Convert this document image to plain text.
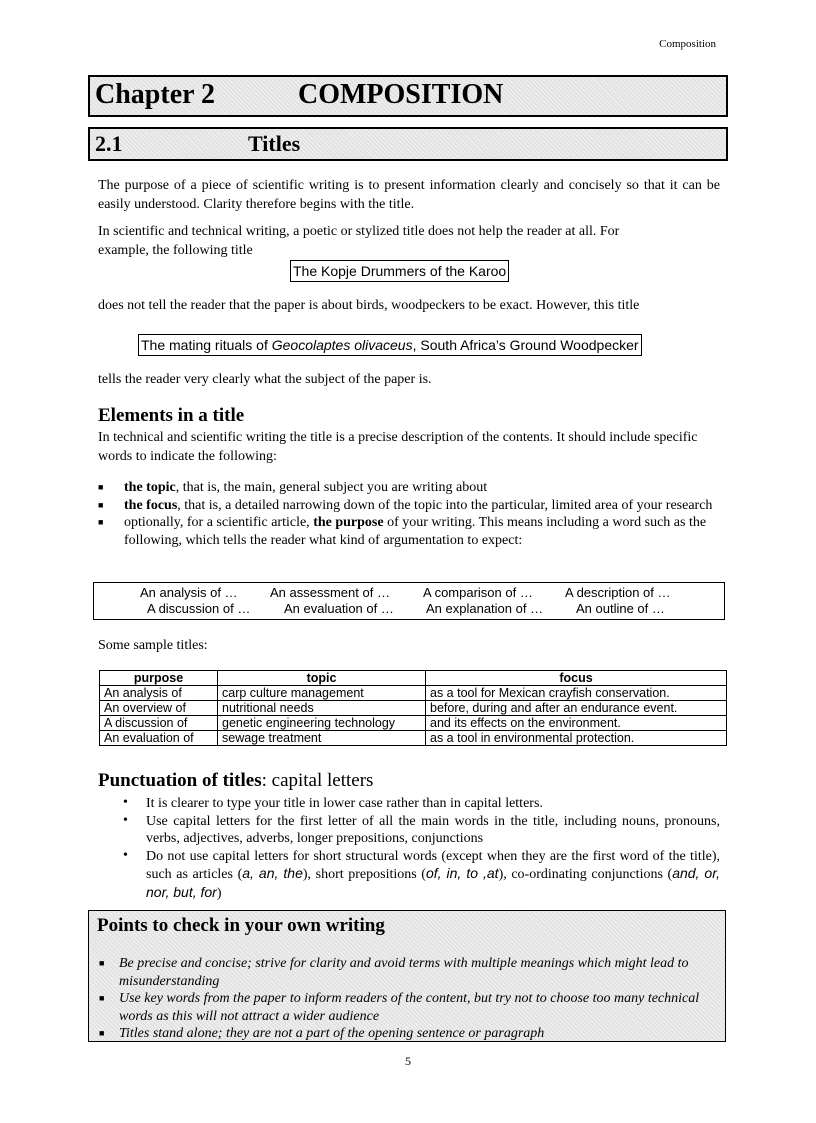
Composition
Chapter 2	COMPOSITION
2.1	Titles

The purpose of a piece of scientific writing is to present information clearly and concisely so that it can be easily understood. Clarity therefore begins with the title.

In scientific and technical writing, a poetic or stylized title does not help the reader at all. For example, the following title

The Kopje Drummers of the Karoo

does not tell the reader that the paper is about birds, woodpeckers to be exact. However, this title

The mating rituals of Geocolaptes olivaceus, South Africa’s Ground Woodpecker

tells the reader very clearly what the subject of the paper is.

Elements in a title

In technical and scientific writing the title is a precise description of the contents. It should include specific words to indicate the following:

■ the topic, that is, the main, general subject you are writing about
■ the focus, that is, a detailed narrowing down of the topic into the particular, limited area of your research
■ optionally, for a scientific article, the purpose of your writing. This means including a word such as the following, which tells the reader what kind of argumentation to expect:
An analysis of … An assessment of …	A comparison of … A description of …
A discussion of …	An evaluation of … An explanation of …	An outline of …

Some sample titles:

purpose	topic	focus
An analysis of	carp culture management	as a tool for Mexican crayfish conservation.
An overview of	nutritional needs	before, during and after an endurance event.
A discussion of	genetic engineering technology	and its effects on the environment.
An evaluation of	sewage treatment	as a tool in environmental protection.
Punctuation of titles: capital letters
• It is clearer to type your title in lower case rather than in capital letters.
• Use capital letters for the first letter of all the main words in the title, including nouns, pronouns, verbs, adjectives, adverbs, longer prepositions, conjunctions
• Do not use capital letters for short structural words (except when they are the first word of the title), such as articles (a, an, the), short prepositions (of, in, to ,at), co-ordinating conjunctions (and, or, nor, but, for)
Points to check in your own writing
■ Be precise and concise; strive for clarity and avoid terms with multiple meanings which might lead to misunderstanding
■ Use key words from the paper to inform readers of the content, but try not to choose too many technical words as this will not attract a wider audience
■ Titles stand alone; they are not a part of the opening sentence or paragraph
5
